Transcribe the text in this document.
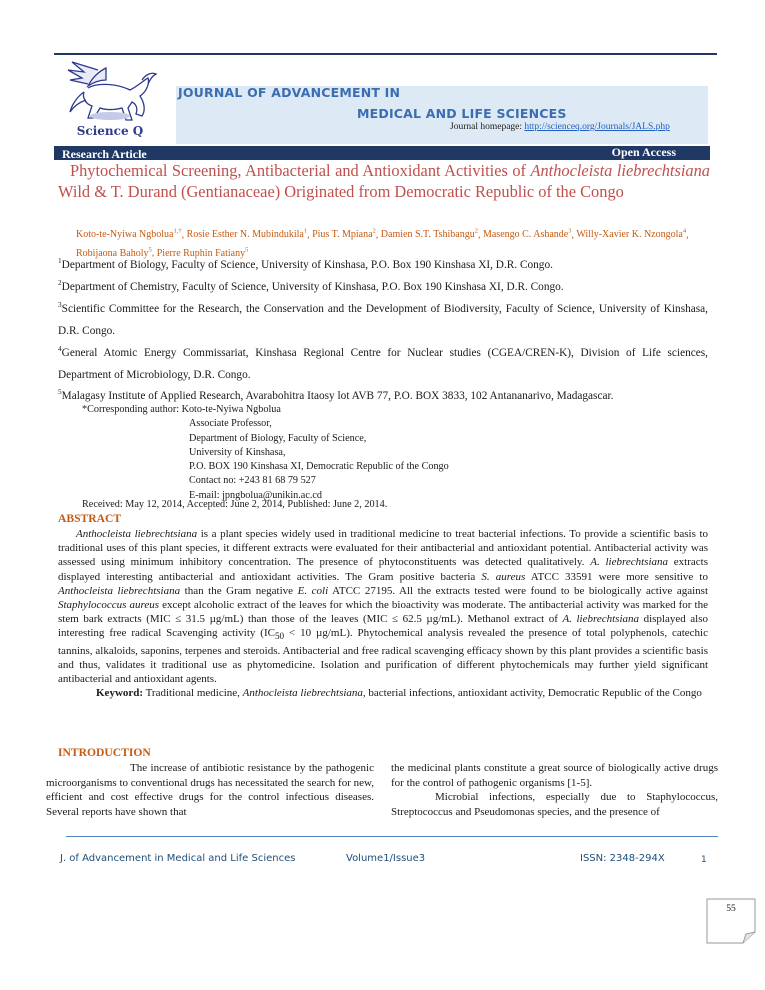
Science Q
JOURNAL OF ADVANCEMENT IN
MEDICAL AND LIFE SCIENCES
Journal homepage: http://scienceq.org/Journals/JALS.php
Research Article	Open Access
Phytochemical Screening, Antibacterial and Antioxidant Activities of Anthocleista liebrechtsiana Wild & T. Durand (Gentianaceae) Originated from Democratic Republic of the Congo
Koto-te-Nyiwa Ngbolua$^{1,\dagger}$, Rosie Esther N. Mubindukila$^1$, Pius T. Mpiana$^2$, Damien S.T. Tshibangu$^2$, Masengo C. Ashande$^3$, Willy-Xavier K. Nzongola$^4$, Robijaona Baholy$^5$, Pierre Ruphin Fatiany$^5$
$^1$Department of Biology, Faculty of Science, University of Kinshasa, P.O. Box 190 Kinshasa XI, D.R. Congo.
$^2$Department of Chemistry, Faculty of Science, University of Kinshasa, P.O. Box 190 Kinshasa XI, D.R. Congo.
$^3$Scientific Committee for the Research, the Conservation and the Development of Biodiversity, Faculty of Science, University of Kinshasa, D.R. Congo.
$^4$General Atomic Energy Commissariat, Kinshasa Regional Centre for Nuclear studies (CGEA/CREN-K), Division of Life sciences, Department of Microbiology, D.R. Congo.
$^5$Malagasy Institute of Applied Research, Avarabohitra Itaosy lot AVB 77, P.O. BOX 3833, 102 Antananarivo, Madagascar.
*Corresponding author: Koto-te-Nyiwa Ngbolua
Associate Professor,
Department of Biology, Faculty of Science,
University of Kinshasa,
P.O. BOX 190 Kinshasa XI, Democratic Republic of the Congo
Contact no: +243 81 68 79 527
E-mail: jpngbolua@unikin.ac.cd
Received: May 12, 2014, Accepted: June 2, 2014, Published: June 2, 2014.
ABSTRACT
Anthocleista liebrechtsiana is a plant species widely used in traditional medicine to treat bacterial infections. To provide a scientific basis to traditional uses of this plant species, it different extracts were evaluated for their antibacterial and antioxidant potential. Antibacterial activity was assessed using minimum inhibitory concentration. The presence of phytoconstituents was detected qualitatively. A. liebrechtsiana extracts displayed interesting antibacterial and antioxidant activities. The Gram positive bacteria S. aureus ATCC 33591 were more sensitive to Anthocleista liebrechtsiana than the Gram negative E. coli ATCC 27195. All the extracts tested were found to be biologically active against Staphylococcus aureus except alcoholic extract of the leaves for which the bioactivity was moderate. The antibacterial activity was marked for the stem bark extracts (MIC ≤ 31.5 µg/mL) than those of the leaves (MIC ≤ 62.5 µg/mL). Methanol extract of A. liebrechtsiana displayed also interesting free radical Scavenging activity ($IC_{50} < 10$ µg/mL). Phytochemical analysis revealed the presence of total polyphenols, catechic tannins, alkaloids, saponins, terpenes and steroids. Antibacterial and free radical scavenging efficacy shown by this plant provides a scientific basis and thus, validates it traditional use as phytomedicine. Isolation and purification of different phytochemicals may further yield significant antibacterial and antioxidant agents.
Keyword: Traditional medicine, Anthocleista liebrechtsiana, bacterial infections, antioxidant activity, Democratic Republic of the Congo
INTRODUCTION
The increase of antibiotic resistance by the pathogenic microorganisms to conventional drugs has necessitated the search for new, efficient and cost effective drugs for the control infectious diseases. Several reports have shown that
the medicinal plants constitute a great source of biologically active drugs for the control of pathogenic organisms [1-5].
Microbial infections, especially due to Staphylococcus, Streptococcus and Pseudomonas species, and the presence of
J. of Advancement in Medical and Life Sciences	Volume1/Issue3	ISSN: 2348-294X	1
55
